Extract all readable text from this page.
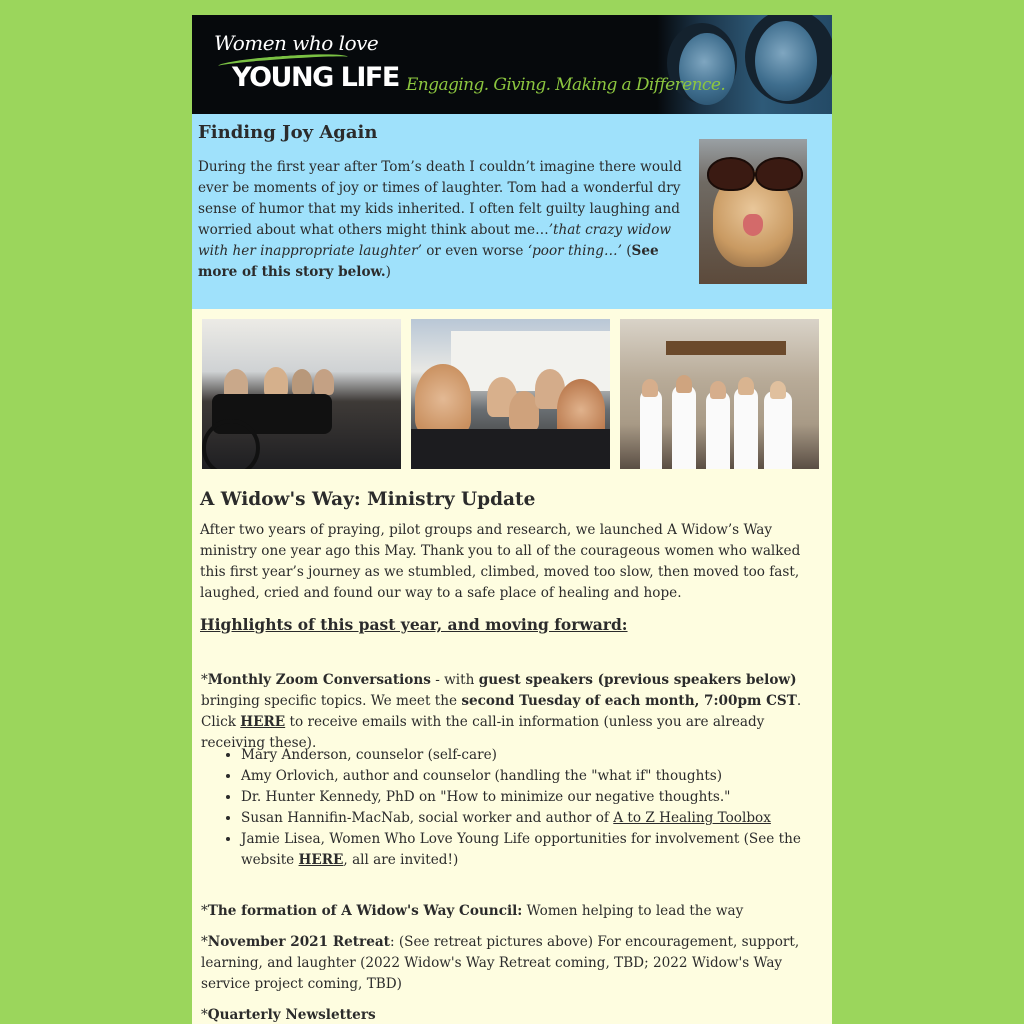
Women who love
YOUNG LIFE Engaging. Giving. Making a Difference.
Finding Joy Again

During the first year after Tom’s death I couldn’t imagine there would ever be moments of joy or times of laughter. Tom had a wonderful dry sense of humor that my kids inherited. I often felt guilty laughing and worried about what others might think about me…’that crazy widow with her inappropriate laughter’ or even worse ‘poor thing…’ (See more of this story below.)

A Widow's Way: Ministry Update

After two years of praying, pilot groups and research, we launched A Widow’s Way ministry one year ago this May. Thank you to all of the courageous women who walked this first year’s journey as we stumbled, climbed, moved too slow, then moved too fast, laughed, cried and found our way to a safe place of healing and hope.

Highlights of this past year, and moving forward:

*Monthly Zoom Conversations - with guest speakers (previous speakers below) bringing specific topics. We meet the second Tuesday of each month, 7:00pm CST. Click HERE to receive emails with the call-in information (unless you are already receiving these).

• Mary Anderson, counselor (self-care)
• Amy Orlovich, author and counselor (handling the "what if" thoughts)
• Dr. Hunter Kennedy, PhD on "How to minimize our negative thoughts."
• Susan Hannifin-MacNab, social worker and author of A to Z Healing Toolbox
• Jamie Lisea, Women Who Love Young Life opportunities for involvement (See the website HERE, all are invited!)

*The formation of A Widow's Way Council: Women helping to lead the way

*November 2021 Retreat: (See retreat pictures above) For encouragement, support, learning, and laughter (2022 Widow's Way Retreat coming, TBD; 2022 Widow's Way service project coming, TBD)

*Quarterly Newsletters
